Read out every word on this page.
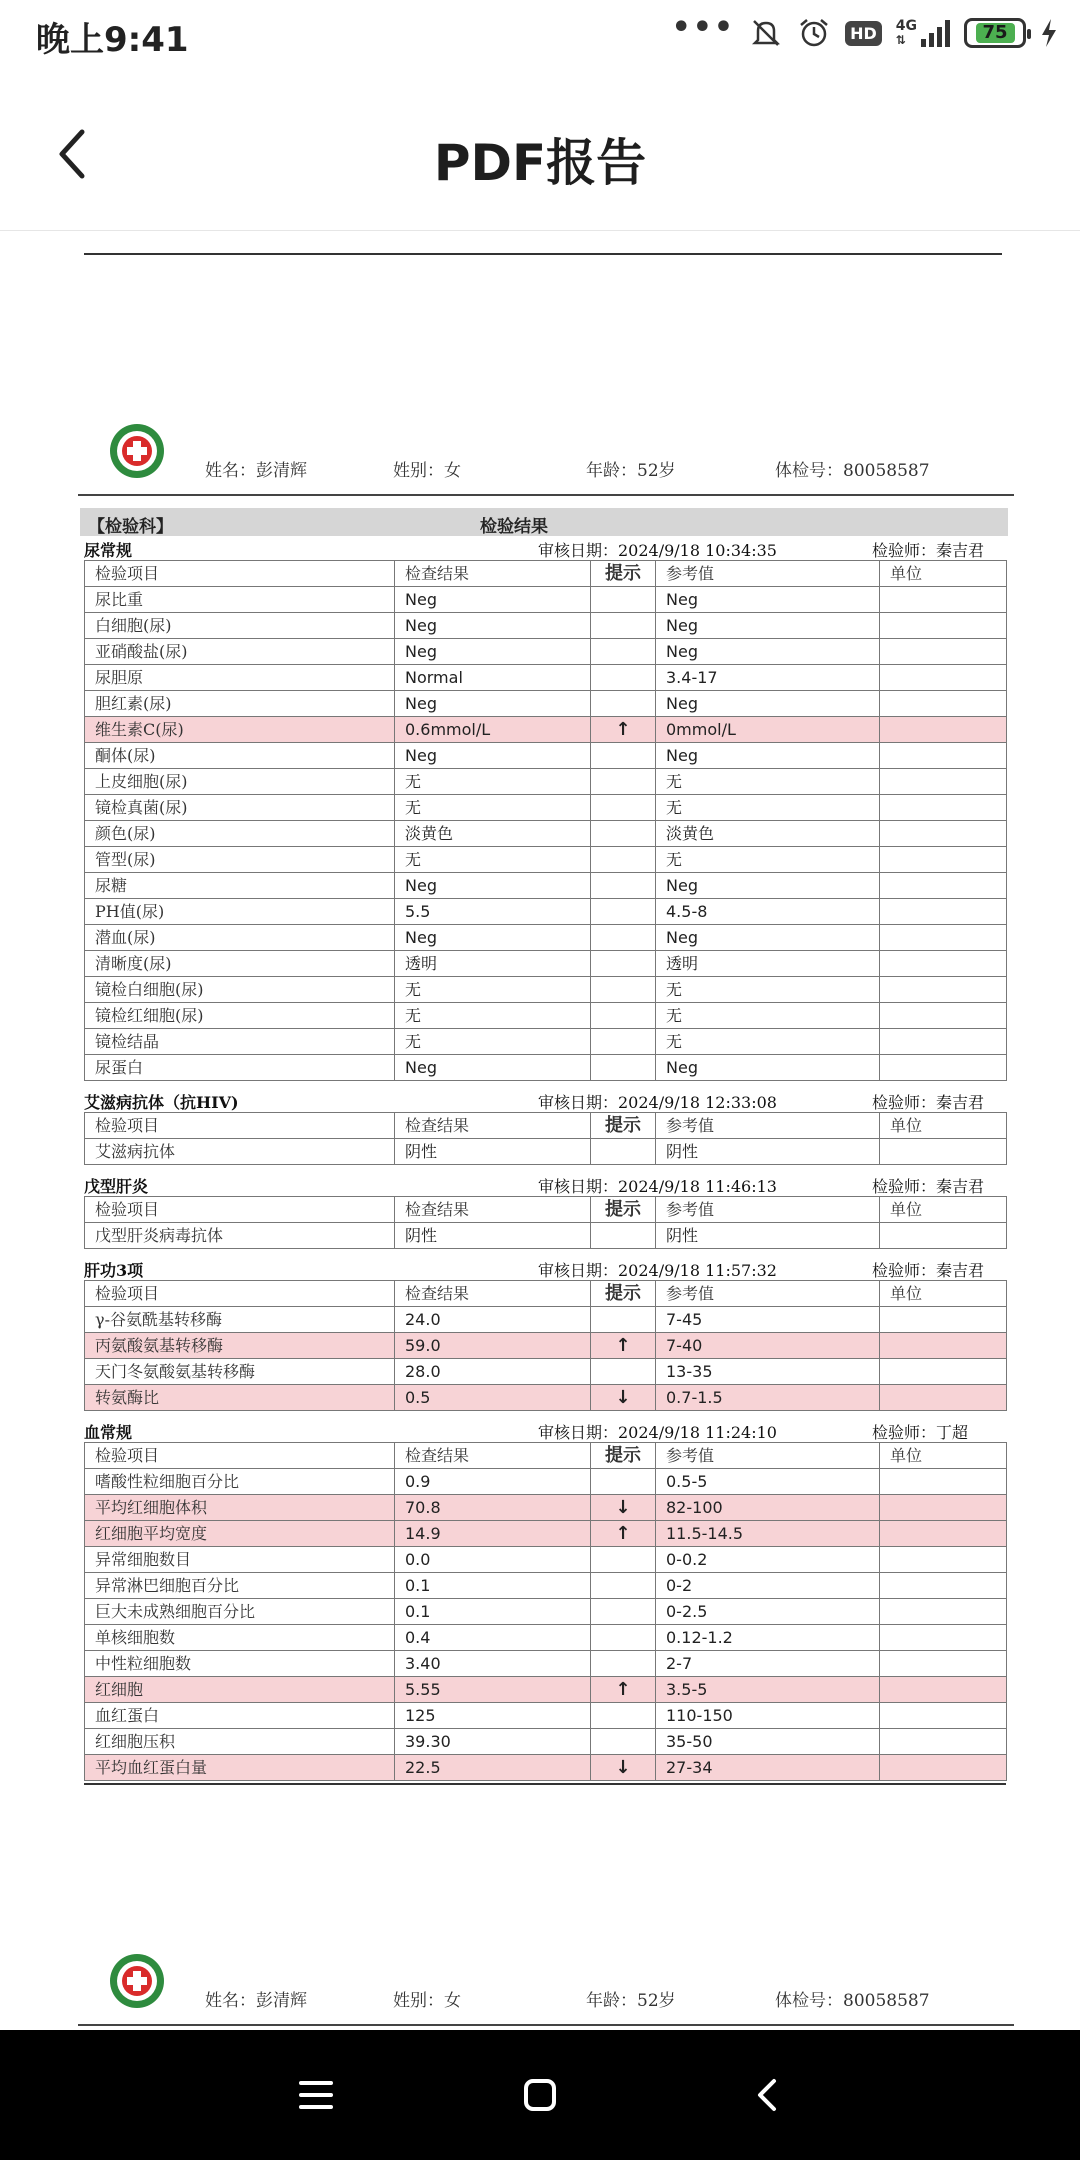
晚上9:41	•••	HD	4G
⇅	75
PDF报告
姓名：彭清辉	姓别：女	年龄：52岁	体检号：80058587
【检验科】	检验结果
尿常规	审核日期：2024/9/18 10:34:35	检验师：秦吉君
检验项目	检查结果	提示	参考值	单位
尿比重	Neg		Neg	
白细胞(尿)	Neg		Neg	
亚硝酸盐(尿)	Neg		Neg	
尿胆原	Normal		3.4-17	
胆红素(尿)	Neg		Neg	
维生素C(尿)	0.6mmol/L	↑	0mmol/L	
酮体(尿)	Neg		Neg	
上皮细胞(尿)	无		无	
镜检真菌(尿)	无		无	
颜色(尿)	淡黄色		淡黄色	
管型(尿)	无		无	
尿糖	Neg		Neg	
PH值(尿)	5.5		4.5-8	
潜血(尿)	Neg		Neg	
清晰度(尿)	透明		透明	
镜检白细胞(尿)	无		无	
镜检红细胞(尿)	无		无	
镜检结晶	无		无	
尿蛋白	Neg		Neg	
艾滋病抗体（抗HIV)	审核日期：2024/9/18 12:33:08	检验师：秦吉君
检验项目	检查结果	提示	参考值	单位
艾滋病抗体	阴性		阴性	
戊型肝炎	审核日期：2024/9/18 11:46:13	检验师：秦吉君
检验项目	检查结果	提示	参考值	单位
戊型肝炎病毒抗体	阴性		阴性	
肝功3项	审核日期：2024/9/18 11:57:32	检验师：秦吉君
检验项目	检查结果	提示	参考值	单位
γ-谷氨酰基转移酶	24.0		7-45	
丙氨酸氨基转移酶	59.0	↑	7-40	
天门冬氨酸氨基转移酶	28.0		13-35	
转氨酶比	0.5	↓	0.7-1.5	
血常规	审核日期：2024/9/18 11:24:10	检验师：丁超
检验项目	检查结果	提示	参考值	单位
嗜酸性粒细胞百分比	0.9		0.5-5	
平均红细胞体积	70.8	↓	82-100	
红细胞平均宽度	14.9	↑	11.5-14.5	
异常细胞数目	0.0		0-0.2	
异常淋巴细胞百分比	0.1		0-2	
巨大未成熟细胞百分比	0.1		0-2.5	
单核细胞数	0.4		0.12-1.2	
中性粒细胞数	3.40		2-7	
红细胞	5.55	↑	3.5-5	
血红蛋白	125		110-150	
红细胞压积	39.30		35-50	
平均血红蛋白量	22.5	↓	27-34	
姓名：彭清辉	姓别：女	年龄：52岁	体检号：80058587
